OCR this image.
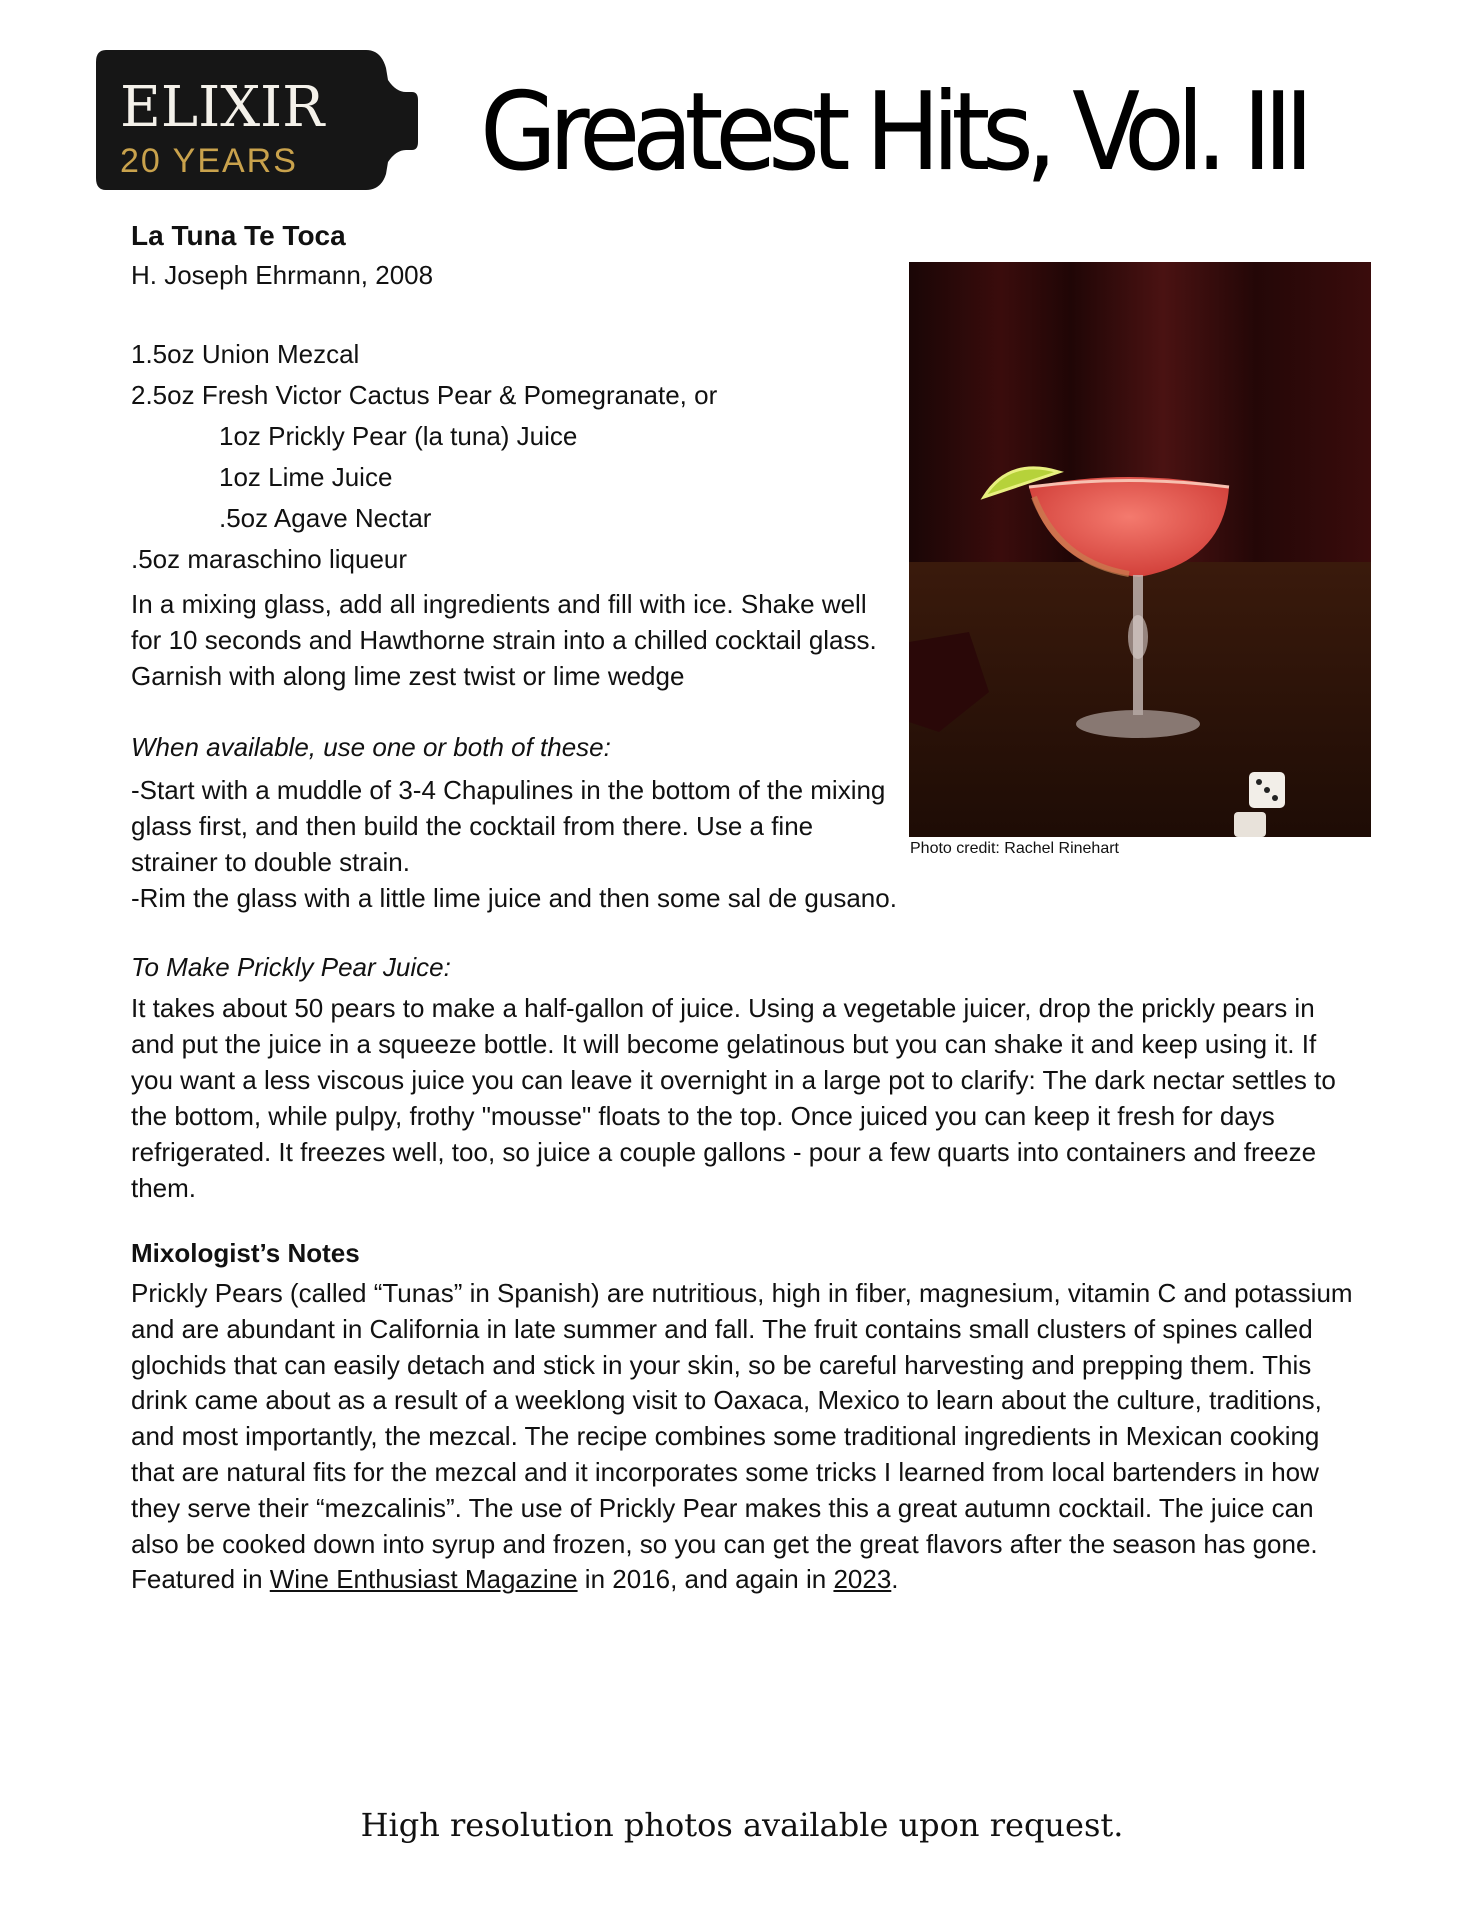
ELIXIR
20 YEARS Greatest Hits, Vol. III
La Tuna Te Toca
H. Joseph Ehrmann, 2008
1.5oz Union Mezcal
2.5oz Fresh Victor Cactus Pear & Pomegranate, or
1oz Prickly Pear (la tuna) Juice
1oz Lime Juice
.5oz Agave Nectar
.5oz maraschino liqueur
In a mixing glass, add all ingredients and fill with ice. Shake well for 10 seconds and Hawthorne strain into a chilled cocktail glass. Garnish with along lime zest twist or lime wedge
When available, use one or both of these:
-Start with a muddle of 3-4 Chapulines in the bottom of the mixing glass first, and then build the cocktail from there. Use a fine strainer to double strain.
-Rim the glass with a little lime juice and then some sal de gusano.
To Make Prickly Pear Juice:
It takes about 50 pears to make a half-gallon of juice. Using a vegetable juicer, drop the prickly pears in and put the juice in a squeeze bottle. It will become gelatinous but you can shake it and keep using it. If you want a less viscous juice you can leave it overnight in a large pot to clarify: The dark nectar settles to the bottom, while pulpy, frothy "mousse" floats to the top. Once juiced you can keep it fresh for days refrigerated. It freezes well, too, so juice a couple gallons - pour a few quarts into containers and freeze them.
Mixologist’s Notes
Prickly Pears (called “Tunas” in Spanish) are nutritious, high in fiber, magnesium, vitamin C and potassium and are abundant in California in late summer and fall. The fruit contains small clusters of spines called glochids that can easily detach and stick in your skin, so be careful harvesting and prepping them. This drink came about as a result of a weeklong visit to Oaxaca, Mexico to learn about the culture, traditions, and most importantly, the mezcal. The recipe combines some traditional ingredients in Mexican cooking that are natural fits for the mezcal and it incorporates some tricks I learned from local bartenders in how they serve their “mezcalinis”. The use of Prickly Pear makes this a great autumn cocktail. The juice can also be cooked down into syrup and frozen, so you can get the great flavors after the season has gone. Featured in Wine Enthusiast Magazine in 2016, and again in 2023.
Photo credit: Rachel Rinehart
High resolution photos available upon request.
